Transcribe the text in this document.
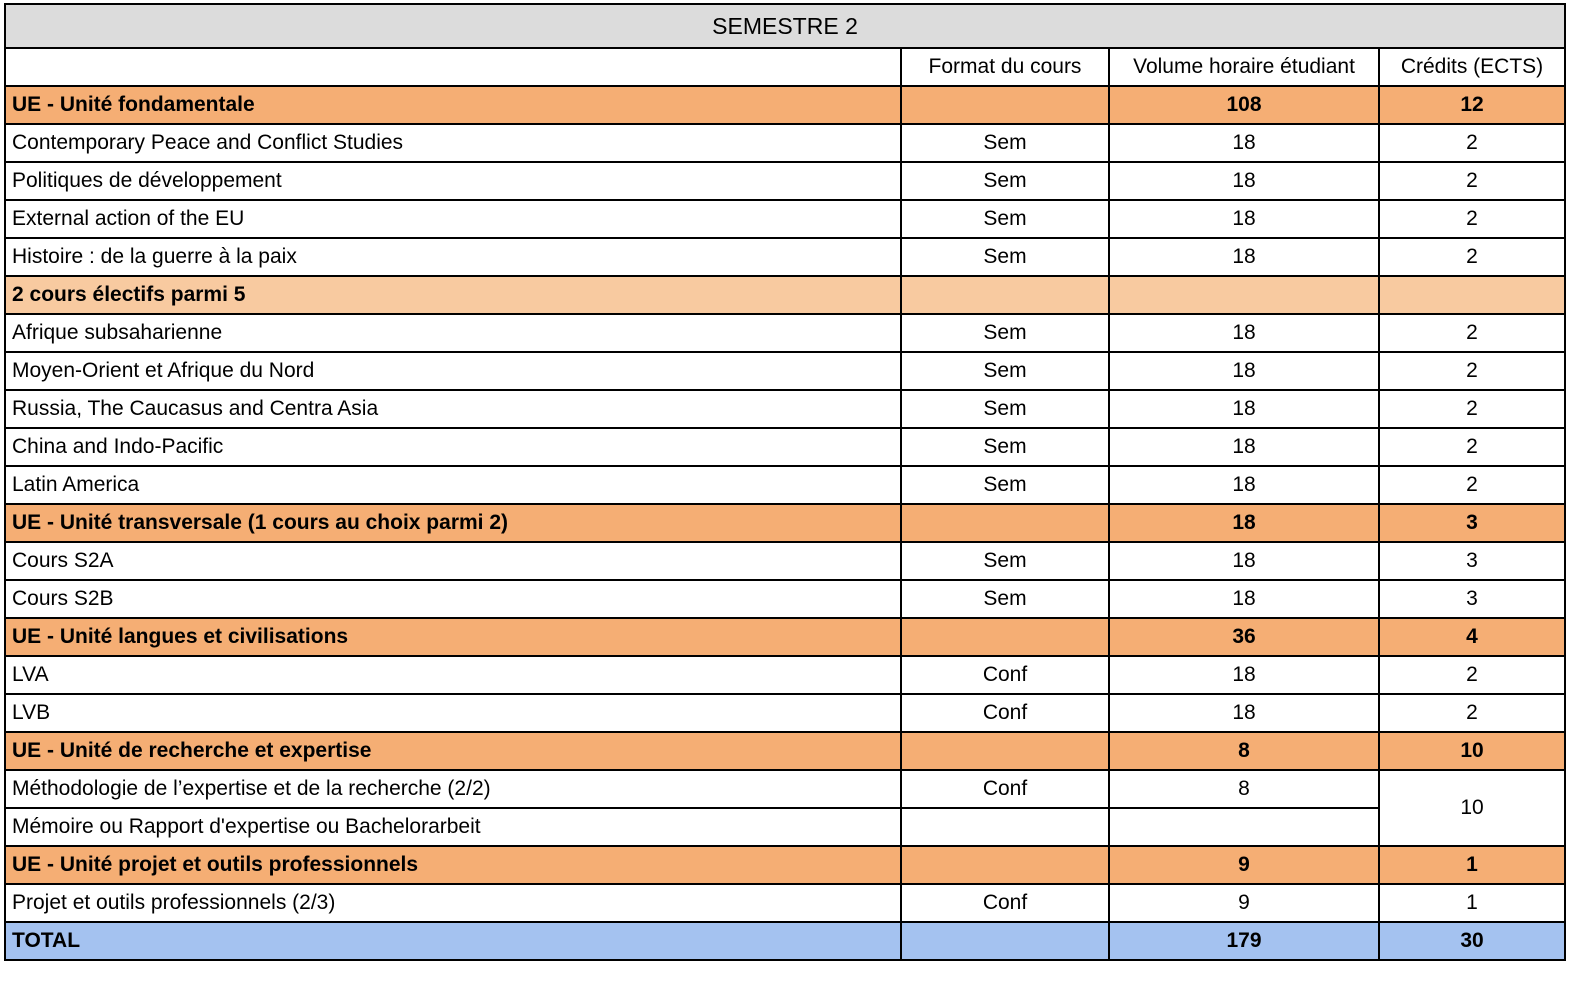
SEMESTRE 2			
	Format du cours	Volume horaire étudiant	Crédits (ECTS)
UE - Unité fondamentale		108	12
Contemporary Peace and Conflict Studies	Sem	18	2
Politiques de développement	Sem	18	2
External action of the EU	Sem	18	2
Histoire : de la guerre à la paix	Sem	18	2
2 cours électifs parmi 5			
Afrique subsaharienne	Sem	18	2
Moyen-Orient et Afrique du Nord	Sem	18	2
Russia, The Caucasus and Centra Asia	Sem	18	2
China and Indo-Pacific	Sem	18	2
Latin America	Sem	18	2
UE - Unité transversale (1 cours au choix parmi 2)		18	3
Cours S2A	Sem	18	3
Cours S2B	Sem	18	3
UE - Unité langues et civilisations		36	4
LVA	Conf	18	2
LVB	Conf	18	2
UE - Unité de recherche et expertise		8	10
Méthodologie de l’expertise et de la recherche (2/2)	Conf	8	10
Mémoire ou Rapport d'expertise ou Bachelorarbeit			
UE - Unité projet et outils professionnels		9	1
Projet et outils professionnels (2/3)	Conf	9	1
TOTAL		179	30
